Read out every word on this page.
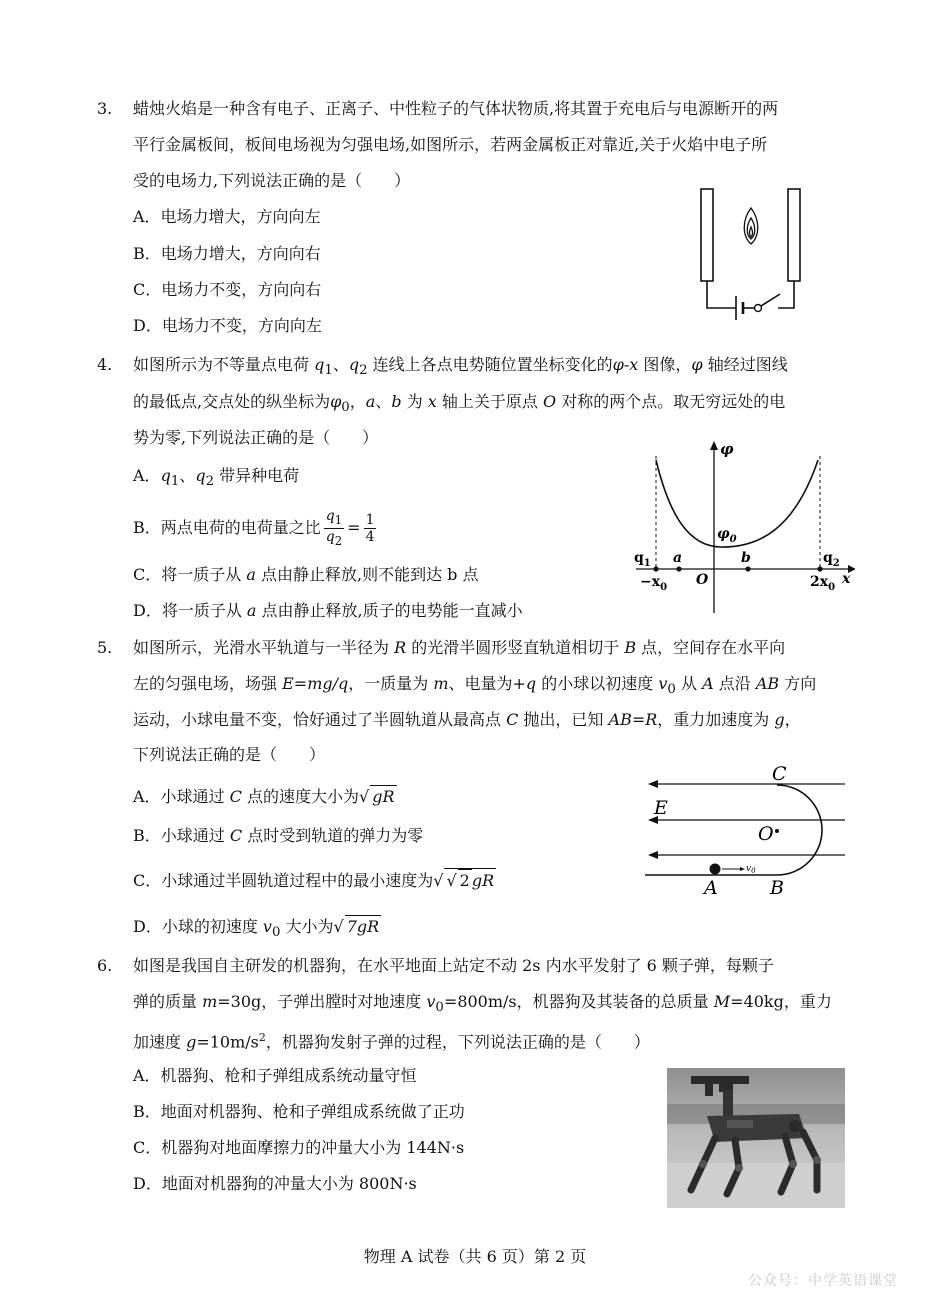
3. 蜡烛火焰是一种含有电子、正离子、中性粒子的气体状物质,将其置于充电后与电源断开的两
平行金属板间，板间电场视为匀强电场,如图所示，若两金属板正对靠近,关于火焰中电子所
受的电场力,下列说法正确的是（　　）
A．电场力增大，方向向左
B．电场力增大，方向向右
C．电场力不变，方向向右
D．电场力不变，方向向左
4. 如图所示为不等量点电荷 $q_1$、$q_2$ 连线上各点电势随位置坐标变化的φ-x 图像，φ 轴经过图线
的最低点,交点处的纵坐标为$\varphi_0$，a、b 为 x 轴上关于原点 O 对称的两个点。取无穷远处的电
势为零,下列说法正确的是（　　）
A．$q_1$、$q_2$ 带异种电荷
B．两点电荷的电荷量之比 $\frac{q_1}{q_2} = \frac{1}{4}$
C．将一质子从 a 点由静止释放,则不能到达 b 点
D．将一质子从 a 点由静止释放,质子的电势能一直减小
φ
x
$\varphi_0$
$q_1$ a	b	$q_2$
O
$-x_0$	$2x_0$
5. 如图所示，光滑水平轨道与一半径为 R 的光滑半圆形竖直轨道相切于 B 点，空间存在水平向
左的匀强电场，场强 E=mg/q，一质量为 m、电量为+q 的小球以初速度 $v_0$ 从 A 点沿 AB 方向
运动，小球电量不变，恰好通过了半圆轨道从最高点 C 抛出，已知 AB=R，重力加速度为 g，
下列说法正确的是（　　）
A．小球通过 C 点的速度大小为√ gR
B．小球通过 C 点时受到轨道的弹力为零
C．小球通过半圆轨道过程中的最小速度为√ √ 2 gR
D．小球的初速度 $v_0$ 大小为√ 7gR
$v_0$
C
E
O
A	B
6. 如图是我国自主研发的机器狗，在水平地面上站定不动 2s 内水平发射了 6 颗子弹，每颗子
弹的质量 m=30g，子弹出膛时对地速度 $v_0=800m/s$，机器狗及其装备的总质量 M=40kg，重力
加速度 $g=10m/s^2$，机器狗发射子弹的过程，下列说法正确的是（　　）
A．机器狗、枪和子弹组成系统动量守恒
B．地面对机器狗、枪和子弹组成系统做了正功
C．机器狗对地面摩擦力的冲量大小为 144N·s
D．地面对机器狗的冲量大小为 800N·s
物理 A 试卷（共 6 页）第 2 页
公众号：中学英语课堂
